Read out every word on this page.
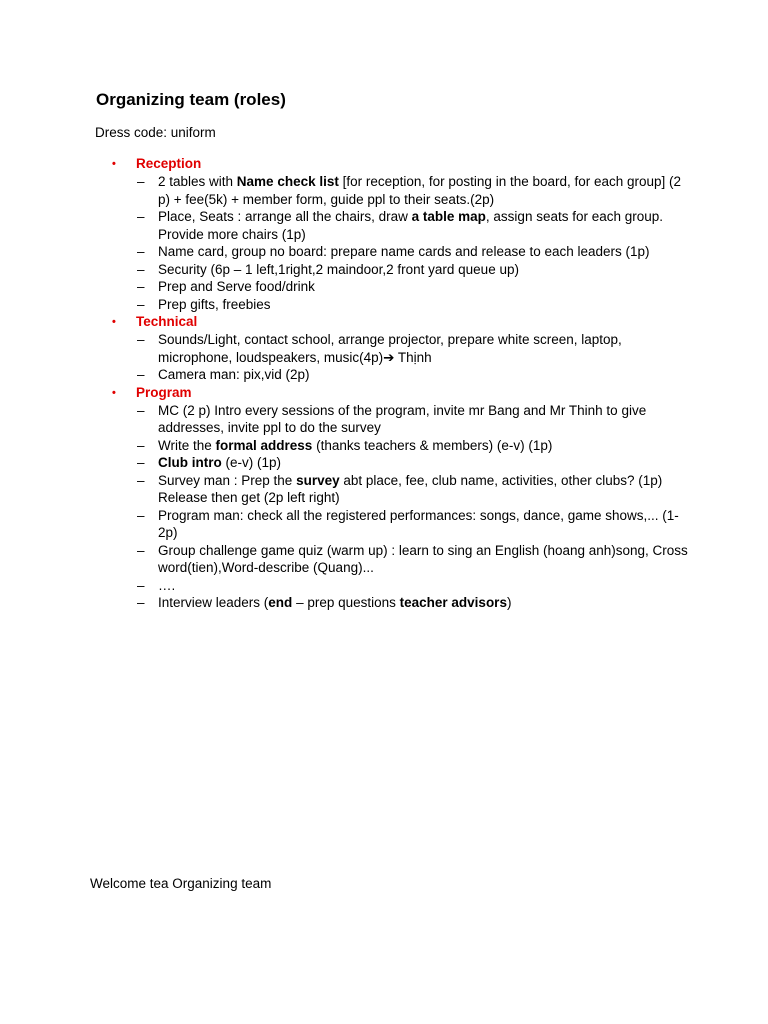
Organizing team (roles)
Dress code: uniform
• Reception
– 2 tables with Name check list [for reception, for posting in the board, for each group] (2 p) + fee(5k) + member form, guide ppl to their seats.(2p)
– Place, Seats : arrange all the chairs, draw a table map, assign seats for each group. Provide more chairs (1p)
– Name card, group no board: prepare name cards and release to each leaders (1p)
– Security (6p – 1 left,1right,2 maindoor,2 front yard queue up)
– Prep and Serve food/drink
– Prep gifts, freebies
• Technical
– Sounds/Light, contact school, arrange projector, prepare white screen, laptop, microphone, loudspeakers, music(4p)➔ Thịnh
– Camera man: pix,vid (2p)
• Program
– MC (2 p) Intro every sessions of the program, invite mr Bang and Mr Thinh to give addresses, invite ppl to do the survey
– Write the formal address (thanks teachers & members) (e-v) (1p)
– Club intro (e-v) (1p)
– Survey man : Prep the survey abt place, fee, club name, activities, other clubs? (1p) Release then get (2p left right)
– Program man: check all the registered performances: songs, dance, game shows,... (1-2p)
– Group challenge game quiz (warm up) : learn to sing an English (hoang anh)song, Cross word(tien),Word-describe (Quang)...
– ….
– Interview leaders (end – prep questions teacher advisors)
Welcome tea Organizing team
